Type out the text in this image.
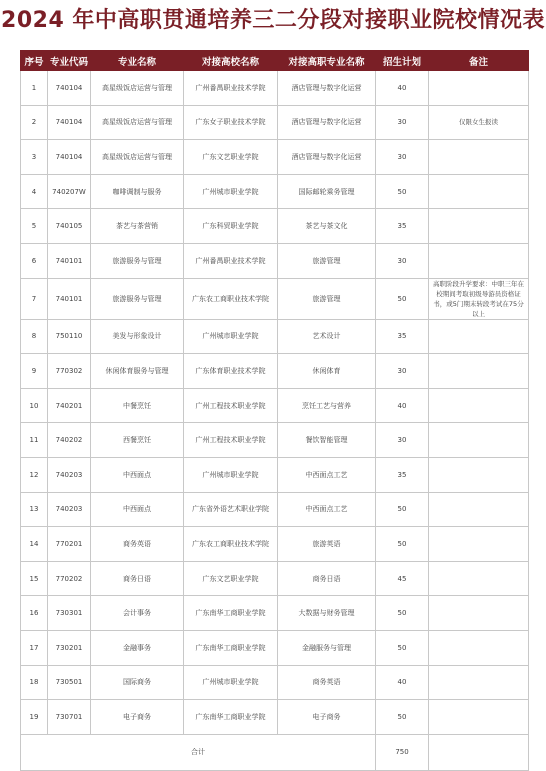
2024 年中高职贯通培养三二分段对接职业院校情况表
序号	专业代码	专业名称	对接高校名称	对接高职专业名称	招生计划	备注
1	740104	高星级饭店运营与管理	广州番禺职业技术学院	酒店管理与数字化运营	40	
2	740104	高星级饭店运营与管理	广东女子职业技术学院	酒店管理与数字化运营	30	仅限女生报读
3	740104	高星级饭店运营与管理	广东文艺职业学院	酒店管理与数字化运营	30	
4	740207W	咖啡调制与服务	广州城市职业学院	国际邮轮乘务管理	50	
5	740105	茶艺与茶营销	广东科贸职业学院	茶艺与茶文化	35	
6	740101	旅游服务与管理	广州番禺职业技术学院	旅游管理	30	
7	740101	旅游服务与管理	广东农工商职业技术学院	旅游管理	50	高职阶段升学要求：中职三年在校期间考取初级导游员资格证书，或5门期末转段考试在75分以上
8	750110	美发与形象设计	广州城市职业学院	艺术设计	35	
9	770302	休闲体育服务与管理	广东体育职业技术学院	休闲体育	30	
10	740201	中餐烹饪	广州工程技术职业学院	烹饪工艺与营养	40	
11	740202	西餐烹饪	广州工程技术职业学院	餐饮智能管理	30	
12	740203	中西面点	广州城市职业学院	中西面点工艺	35	
13	740203	中西面点	广东省外语艺术职业学院	中西面点工艺	50	
14	770201	商务英语	广东农工商职业技术学院	旅游英语	50	
15	770202	商务日语	广东文艺职业学院	商务日语	45	
16	730301	会计事务	广东南华工商职业学院	大数据与财务管理	50	
17	730201	金融事务	广东南华工商职业学院	金融服务与管理	50	
18	730501	国际商务	广州城市职业学院	商务英语	40	
19	730701	电子商务	广东南华工商职业学院	电子商务	50	
合计					750	
